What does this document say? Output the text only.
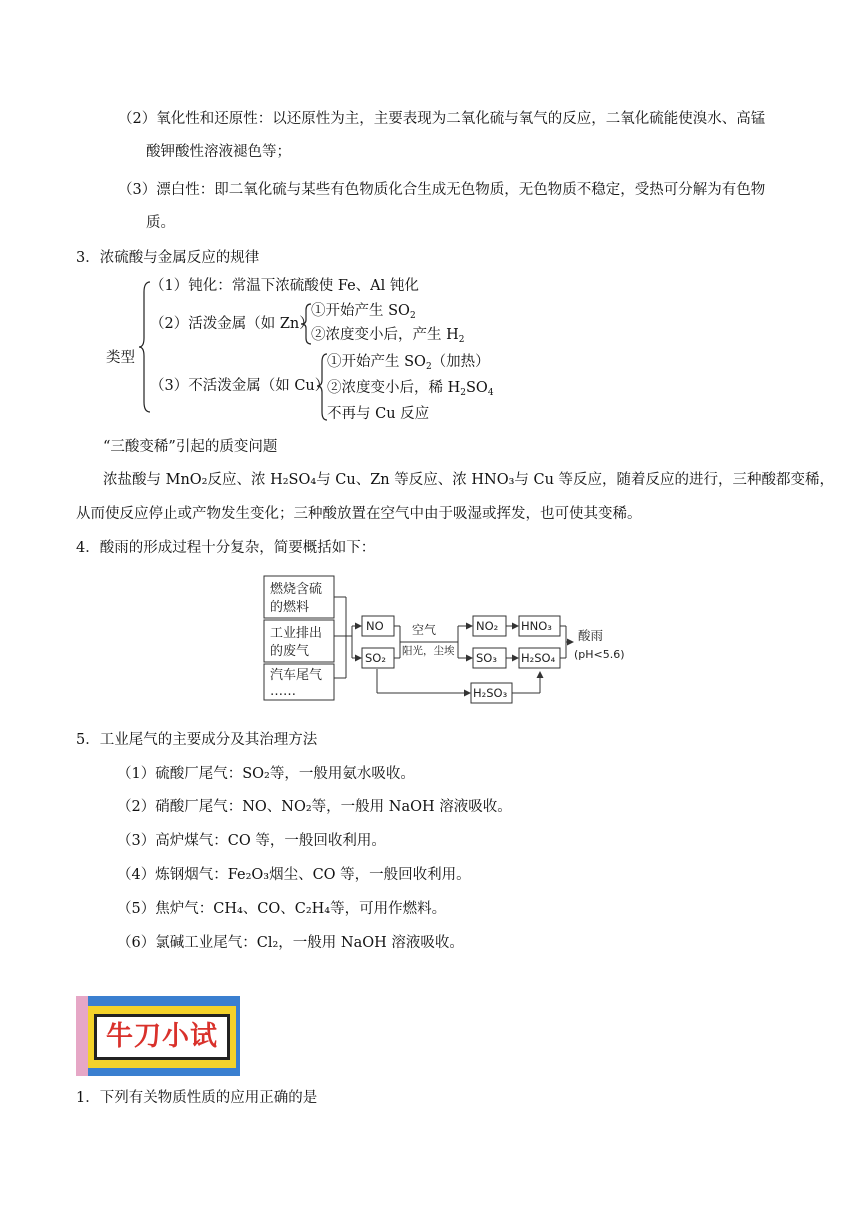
（2）氧化性和还原性：以还原性为主，主要表现为二氧化硫与氧气的反应，二氧化硫能使溴水、高锰
酸钾酸性溶液褪色等；
（3）漂白性：即二氧化硫与某些有色物质化合生成无色物质，无色物质不稳定，受热可分解为有色物
质。
3．浓硫酸与金属反应的规律
类型
（1）钝化：常温下浓硫酸使 Fe、Al 钝化
（2）活泼金属（如 Zn）
①开始产生 $SO_2$
②浓度变小后，产生 $H_2$
（3）不活泼金属（如 Cu）
①开始产生 $SO_2$（加热）
②浓度变小后，稀 $H_2SO_4$
不再与 Cu 反应
“三酸变稀”引起的质变问题
浓盐酸与 MnO₂反应、浓 H₂SO₄与 Cu、Zn 等反应、浓 HNO₃与 Cu 等反应，随着反应的进行，三种酸都变稀，
从而使反应停止或产物发生变化；三种酸放置在空气中由于吸湿或挥发，也可使其变稀。
4．酸雨的形成过程十分复杂，简要概括如下：
燃烧含硫
的燃料
工业排出
的废气
汽车尾气
……
NO
SO₂
空气
阳光，尘埃
NO₂
SO₃
HNO₃
H₂SO₄
H₂SO₃
酸雨
(pH<5.6)
5．工业尾气的主要成分及其治理方法
（1）硫酸厂尾气：SO₂等，一般用氨水吸收。
（2）硝酸厂尾气：NO、NO₂等，一般用 NaOH 溶液吸收。
（3）高炉煤气：CO 等，一般回收利用。
（4）炼钢烟气：Fe₂O₃烟尘、CO 等，一般回收利用。
（5）焦炉气：CH₄、CO、C₂H₄等，可用作燃料。
（6）氯碱工业尾气：Cl₂，一般用 NaOH 溶液吸收。
牛刀小试
1．下列有关物质性质的应用正确的是
